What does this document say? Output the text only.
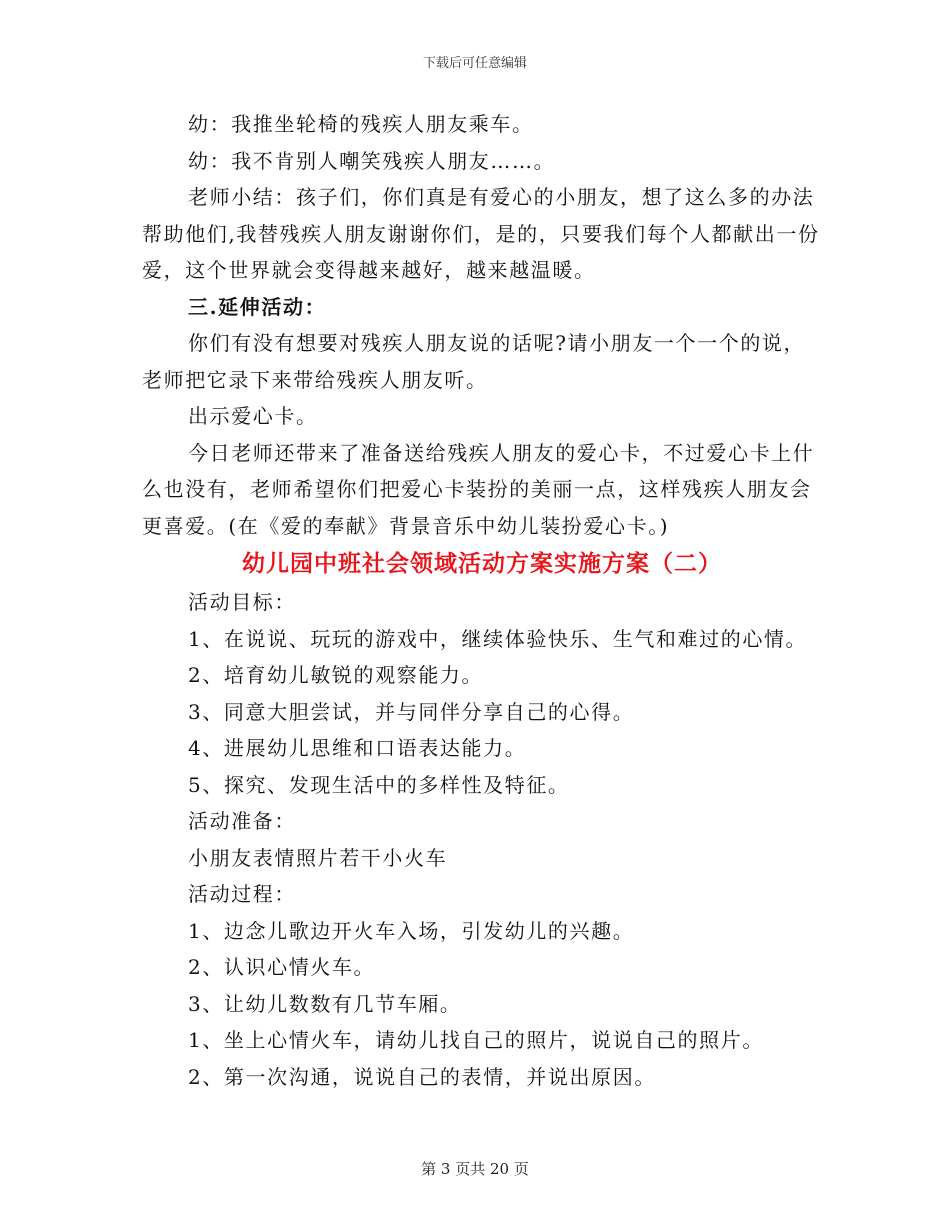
下载后可任意编辑

幼：我推坐轮椅的残疾人朋友乘车。

幼：我不肯别人嘲笑残疾人朋友……。

老师小结：孩子们，你们真是有爱心的小朋友，想了这么多的办法帮助他们,我替残疾人朋友谢谢你们，是的，只要我们每个人都献出一份爱，这个世界就会变得越来越好，越来越温暖。

三.延伸活动：

你们有没有想要对残疾人朋友说的话呢?请小朋友一个一个的说，老师把它录下来带给残疾人朋友听。

出示爱心卡。

今日老师还带来了准备送给残疾人朋友的爱心卡，不过爱心卡上什么也没有，老师希望你们把爱心卡装扮的美丽一点，这样残疾人朋友会更喜爱。(在《爱的奉献》背景音乐中幼儿装扮爱心卡。)

幼儿园中班社会领域活动方案实施方案（二）

活动目标：

1、在说说、玩玩的游戏中，继续体验快乐、生气和难过的心情。

2、培育幼儿敏锐的观察能力。

3、同意大胆尝试，并与同伴分享自己的心得。

4、进展幼儿思维和口语表达能力。

5、探究、发现生活中的多样性及特征。

活动准备：

小朋友表情照片若干小火车

活动过程：

1、边念儿歌边开火车入场，引发幼儿的兴趣。

2、认识心情火车。

3、让幼儿数数有几节车厢。

1、坐上心情火车，请幼儿找自己的照片，说说自己的照片。

2、第一次沟通，说说自己的表情，并说出原因。

第 3 页共 20 页
